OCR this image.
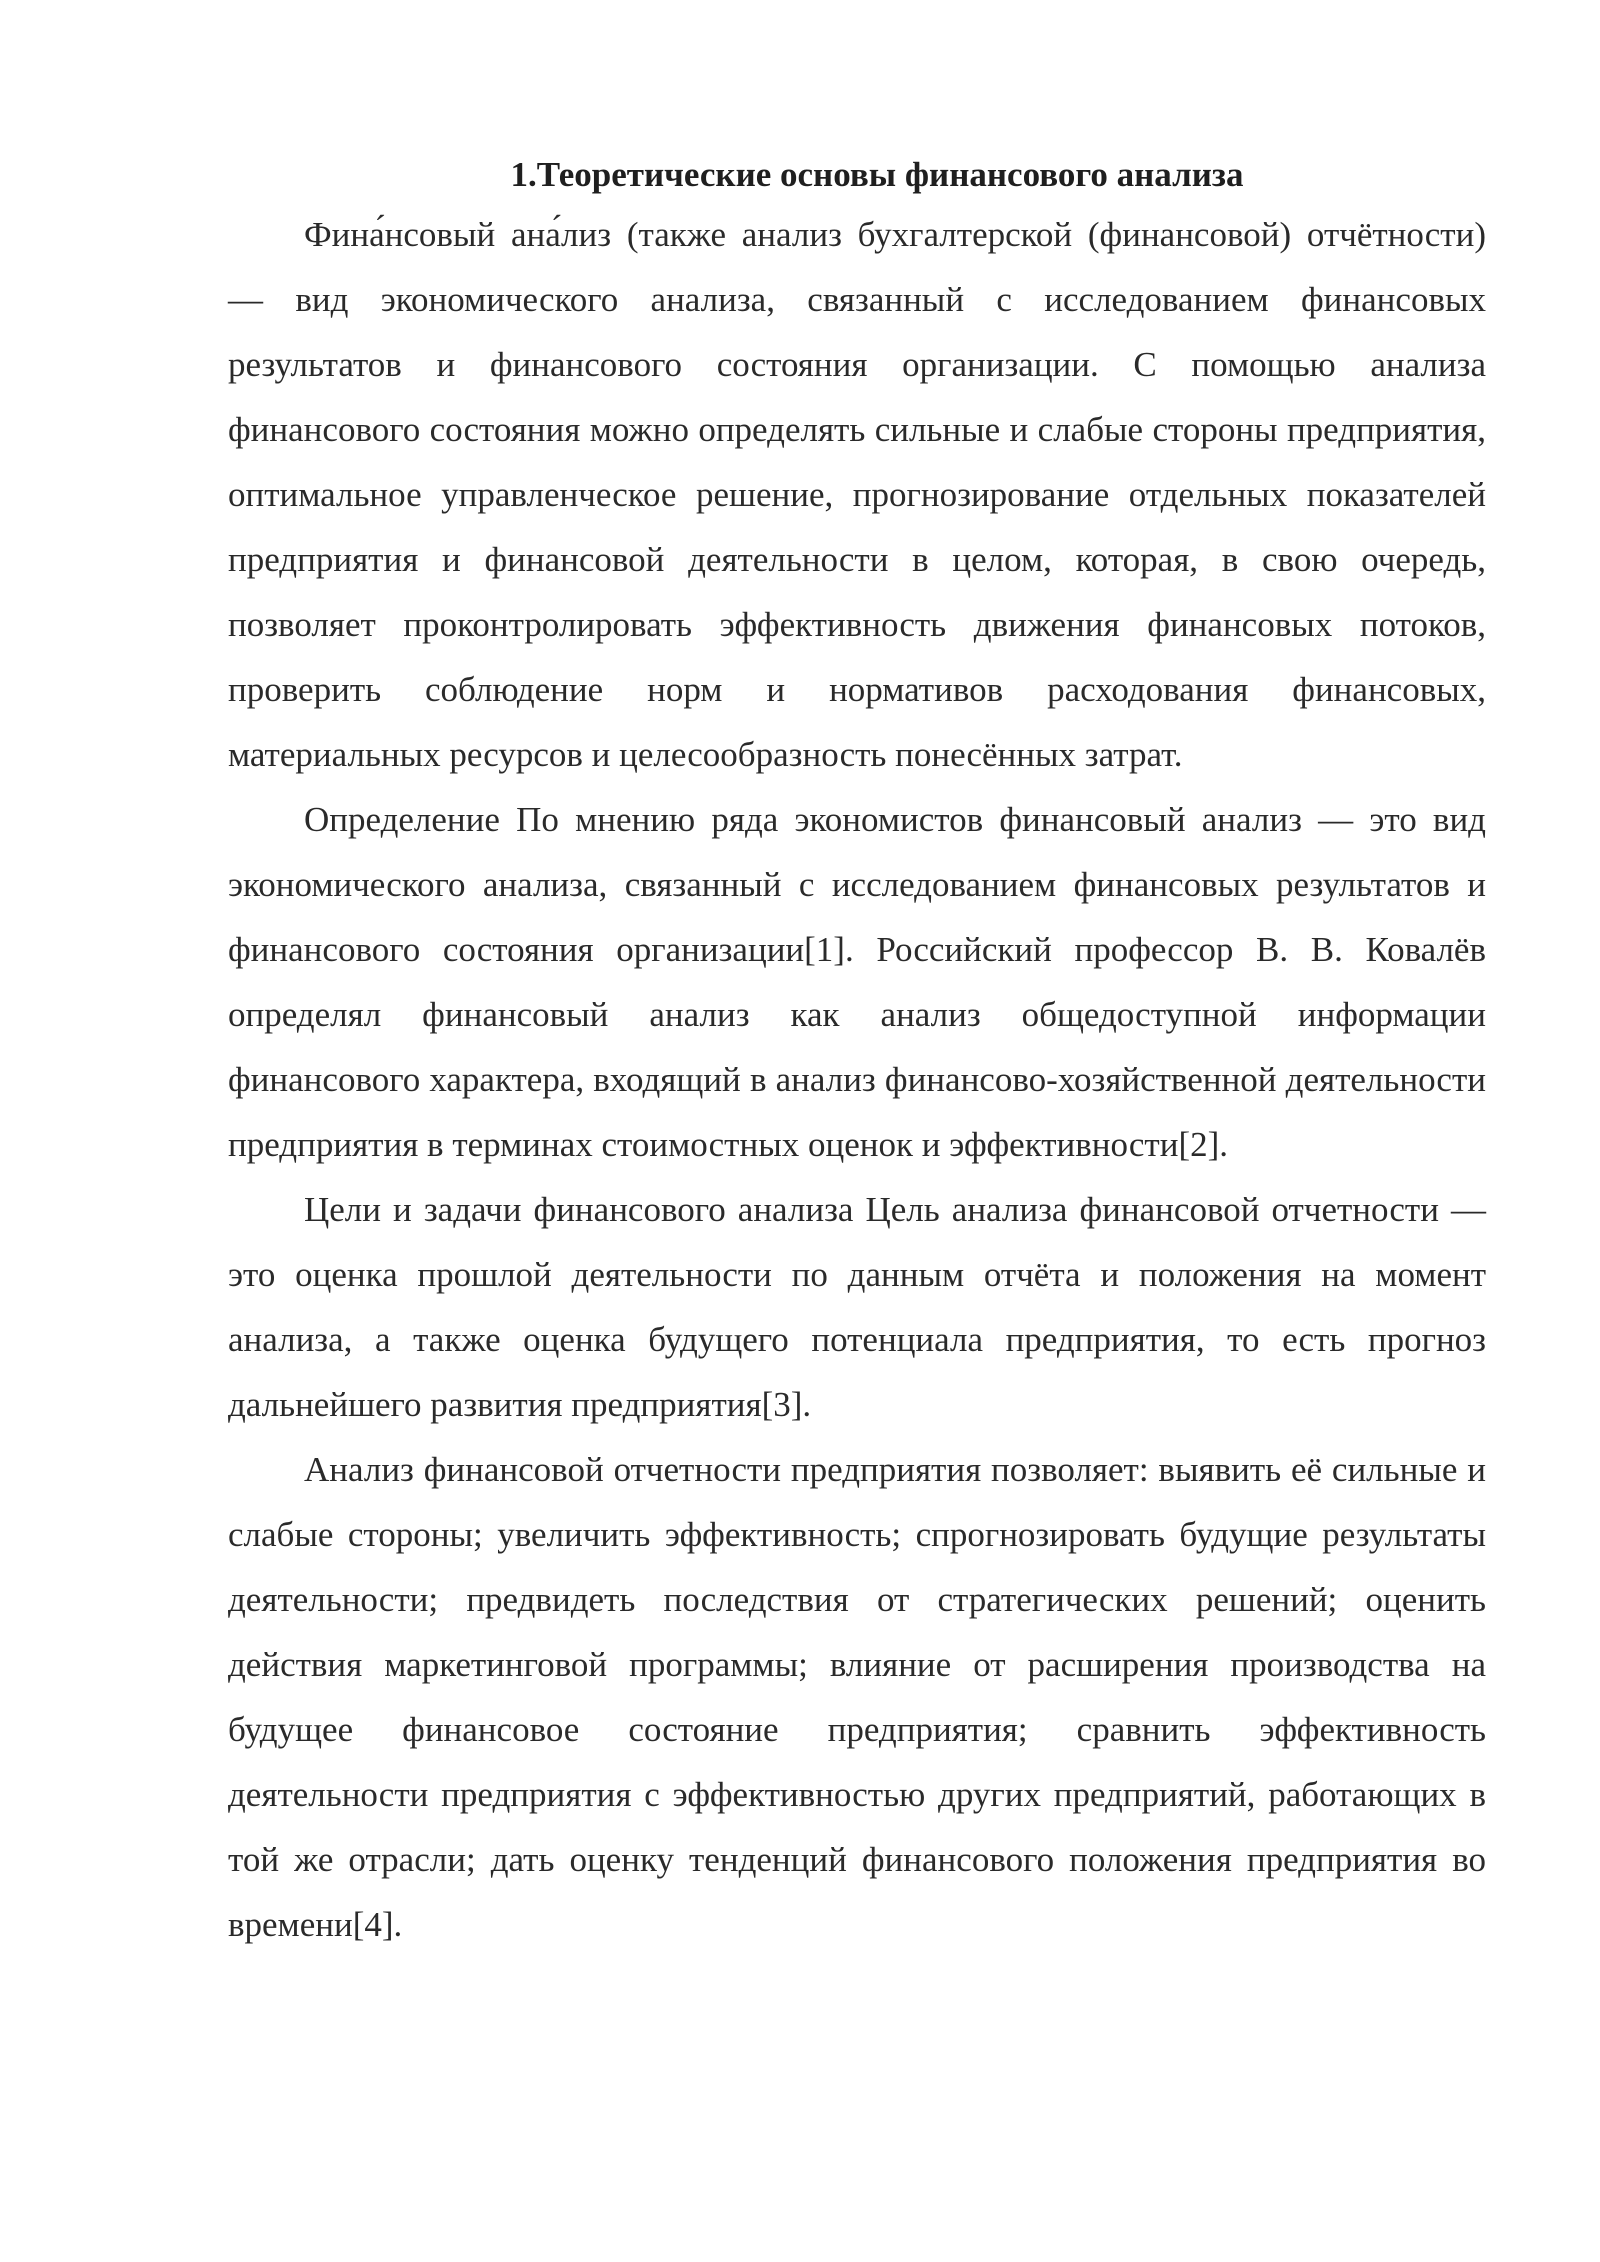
1.Теоретические основы финансового анализа

Фина́нсовый ана́лиз (также анализ бухгалтерской (финансовой) отчётности) — вид экономического анализа, связанный с исследованием финансовых результатов и финансового состояния организации. С помощью анализа финансового состояния можно определять сильные и слабые стороны предприятия, оптимальное управленческое решение, прогнозирование отдельных показателей предприятия и финансовой деятельности в целом, которая, в свою очередь, позволяет проконтролировать эффективность движения финансовых потоков, проверить соблюдение норм и нормативов расходования финансовых, материальных ресурсов и целесообразность понесённых затрат.

Определение По мнению ряда экономистов финансовый анализ — это вид экономического анализа, связанный с исследованием финансовых результатов и финансового состояния организации[1]. Российский профессор В. В. Ковалёв определял финансовый анализ как анализ общедоступной информации финансового характера, входящий в анализ финансово-хозяйственной деятельности предприятия в терминах стоимостных оценок и эффективности[2].

Цели и задачи финансового анализа Цель анализа финансовой отчетности — это оценка прошлой деятельности по данным отчёта и положения на момент анализа, а также оценка будущего потенциала предприятия, то есть прогноз дальнейшего развития предприятия[3].

Анализ финансовой отчетности предприятия позволяет: выявить её сильные и слабые стороны; увеличить эффективность; спрогнозировать будущие результаты деятельности; предвидеть последствия от стратегических решений; оценить действия маркетинговой программы; влияние от расширения производства на будущее финансовое состояние предприятия; сравнить эффективность деятельности предприятия с эффективностью других предприятий, работающих в той же отрасли; дать оценку тенденций финансового положения предприятия во времени[4].
